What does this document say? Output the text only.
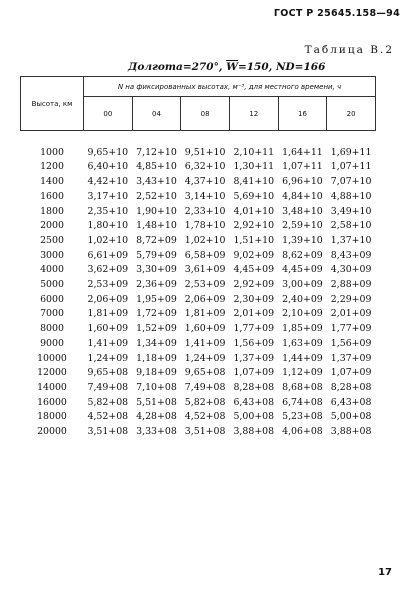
ГОСТ Р 25645.158—94
Таблица В.2
Долгота=270°, $\overline{W}=150$, ND=166
Высота, км	N на фиксированных высотах, м⁻³, для местного времени, ч					
	00	04	08	12	16	20

1000	9,65+10	7,12+10	9,51+10	2,10+11	1,64+11	1,69+11
1200	6,40+10	4,85+10	6,32+10	1,30+11	1,07+11	1,07+11
1400	4,42+10	3,43+10	4,37+10	8,41+10	6,96+10	7,07+10
1600	3,17+10	2,52+10	3,14+10	5,69+10	4,84+10	4,88+10
1800	2,35+10	1,90+10	2,33+10	4,01+10	3,48+10	3,49+10
2000	1,80+10	1,48+10	1,78+10	2,92+10	2,59+10	2,58+10
2500	1,02+10	8,72+09	1,02+10	1,51+10	1,39+10	1,37+10
3000	6,61+09	5,79+09	6,58+09	9,02+09	8,62+09	8,43+09
4000	3,62+09	3,30+09	3,61+09	4,45+09	4,45+09	4,30+09
5000	2,53+09	2,36+09	2,53+09	2,92+09	3,00+09	2,88+09
6000	2,06+09	1,95+09	2,06+09	2,30+09	2,40+09	2,29+09
7000	1,81+09	1,72+09	1,81+09	2,01+09	2,10+09	2,01+09
8000	1,60+09	1,52+09	1,60+09	1,77+09	1,85+09	1,77+09
9000	1,41+09	1,34+09	1,41+09	1,56+09	1,63+09	1,56+09
10000	1,24+09	1,18+09	1,24+09	1,37+09	1,44+09	1,37+09
12000	9,65+08	9,18+09	9,65+08	1,07+09	1,12+09	1,07+09
14000	7,49+08	7,10+08	7,49+08	8,28+08	8,68+08	8,28+08
16000	5,82+08	5,51+08	5,82+08	6,43+08	6,74+08	6,43+08
18000	4,52+08	4,28+08	4,52+08	5,00+08	5,23+08	5,00+08
20000	3,51+08	3,33+08	3,51+08	3,88+08	4,06+08	3,88+08
17
